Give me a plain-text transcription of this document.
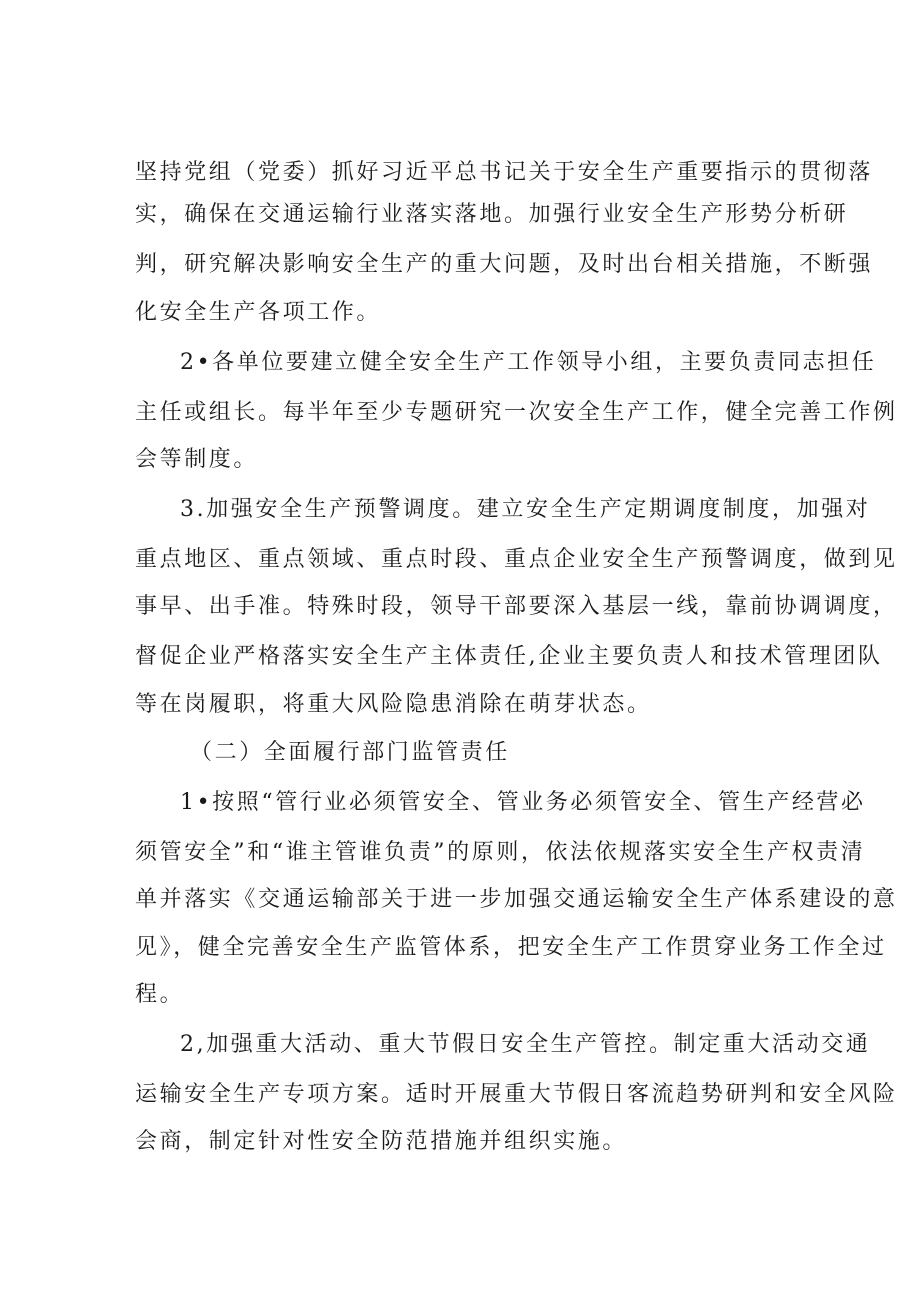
坚持党组（党委）抓好习近平总书记关于安全生产重要指示的贯彻落
实，确保在交通运输行业落实落地。加强行业安全生产形势分析研
判，研究解决影响安全生产的重大问题，及时出台相关措施，不断强
化安全生产各项工作。
2•各单位要建立健全安全生产工作领导小组，主要负责同志担任
主任或组长。每半年至少专题研究一次安全生产工作，健全完善工作例
会等制度。
3.加强安全生产预警调度。建立安全生产定期调度制度，加强对
重点地区、重点领域、重点时段、重点企业安全生产预警调度，做到见
事早、出手准。特殊时段，领导干部要深入基层一线，靠前协调调度，
督促企业严格落实安全生产主体责任,企业主要负责人和技术管理团队
等在岗履职，将重大风险隐患消除在萌芽状态。
（二）全面履行部门监管责任
1•按照“管行业必须管安全、管业务必须管安全、管生产经营必
须管安全”和“谁主管谁负责”的原则，依法依规落实安全生产权责清
单并落实《交通运输部关于进一步加强交通运输安全生产体系建设的意
见》，健全完善安全生产监管体系，把安全生产工作贯穿业务工作全过
程。
2,加强重大活动、重大节假日安全生产管控。制定重大活动交通
运输安全生产专项方案。适时开展重大节假日客流趋势研判和安全风险
会商，制定针对性安全防范措施并组织实施。
